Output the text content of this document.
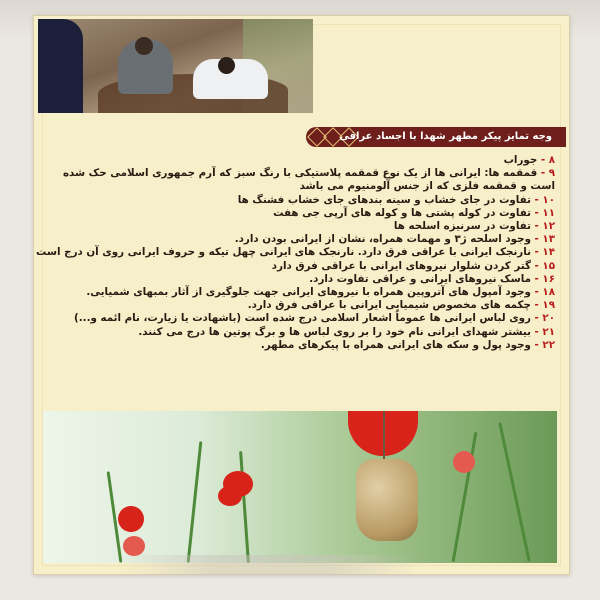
وجه تمایز پیکر مطهر شهدا با اجساد عراقی

۸ - جوراب

۹ - قمقمه ها: ایرانی ها از یک نوع قمقمه پلاستیکی با رنگ سبز که آرم جمهوری اسلامی حک شده است و قمقمه فلزی که از جنس آلومنیوم می باشد

۱۰ - تفاوت در جای خشاب و سینه بندهای جای خشاب فشنگ ها

۱۱ - تفاوت در کوله پشتی ها و کوله های آرپی جی هفت

۱۲ - تفاوت در سرنیزه اسلحه ها

۱۳ - وجود اسلحه ژ۳ و مهمات همراه، نشان از ایرانی بودن دارد.

۱۴ - نارنجک ایرانی با عراقی فرق دارد. نارنجک های ایرانی چهل تیکه و حروف ایرانی روی آن درج است

۱۵ - گتر کردن شلوار نیروهای ایرانی با عراقی فرق دارد

۱۶ - ماسک نیروهای ایرانی و عراقی تفاوت دارد.

۱۸ - وجود آمپول های آتروپین همراه با نیروهای ایرانی جهت جلوگیری از آثار بمبهای شمیایی.

۱۹ - چکمه های مخصوص شیمیایی ایرانی با عراقی فرق دارد.

۲۰ - روی لباس ایرانی ها عموماً اشعار اسلامی درج شده است (باشهادت یا زیارت، نام ائمه و...)

۲۱ - بیشتر شهدای ایرانی نام خود را بر روی لباس ها و برگ پوتین ها درج می کنند.

۲۲ - وجود پول و سکه های ایرانی همراه با پیکرهای مطهر.
